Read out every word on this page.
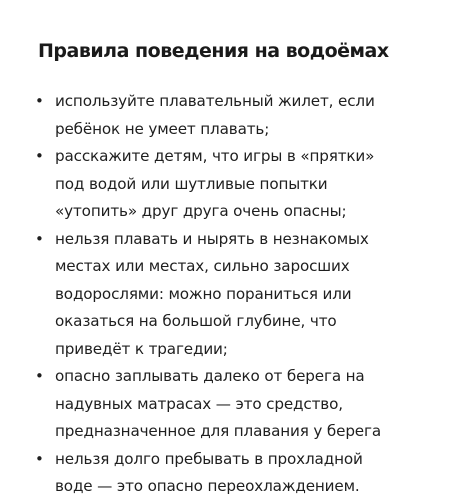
Правила поведения на водоёмах
• используйте плавательный жилет, если
ребёнок не умеет плавать;
• расскажите детям, что игры в «прятки»
под водой или шутливые попытки
«утопить» друг друга очень опасны;
• нельзя плавать и нырять в незнакомых
местах или местах, сильно заросших
водорослями: можно пораниться или
оказаться на большой глубине, что
приведёт к трагедии;
• опасно заплывать далеко от берега на
надувных матрасах — это средство,
предназначенное для плавания у берега
• нельзя долго пребывать в прохладной
воде — это опасно переохлаждением.
